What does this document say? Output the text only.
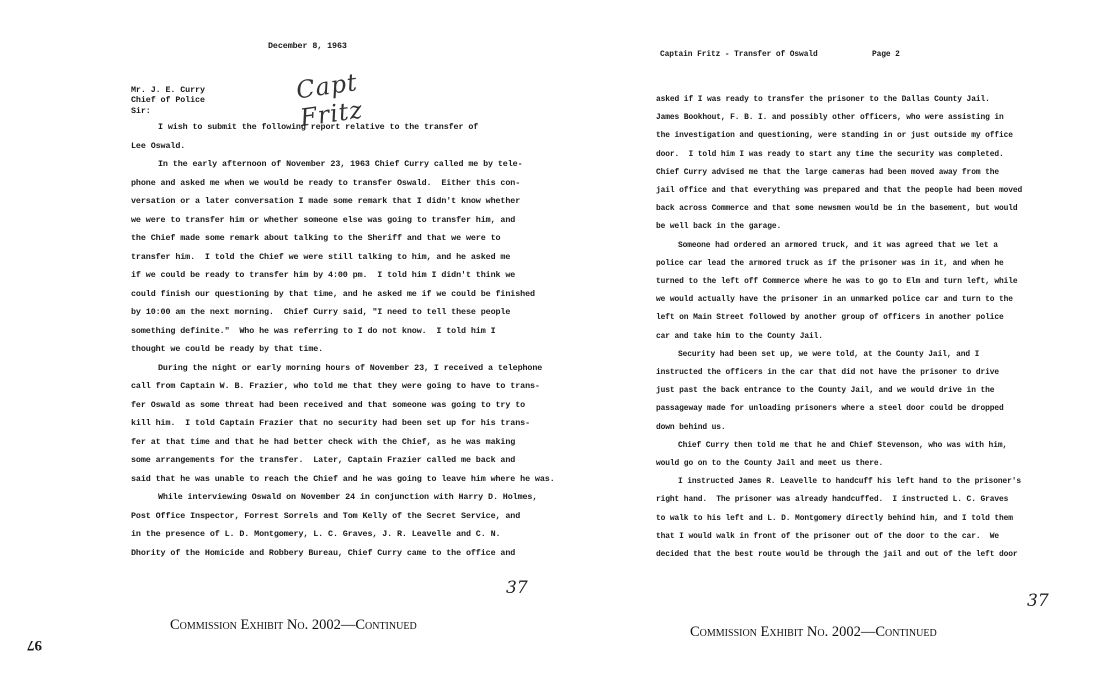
December 8, 1963
Mr. J. E. Curry
Chief of Police	Capt Fritz
Sir:
I wish to submit the following report relative to the transfer of
Lee Oswald.
In the early afternoon of November 23, 1963 Chief Curry called me by tele-
phone and asked me when we would be ready to transfer Oswald.  Either this con-
versation or a later conversation I made some remark that I didn't know whether
we were to transfer him or whether someone else was going to transfer him, and
the Chief made some remark about talking to the Sheriff and that we were to
transfer him.  I told the Chief we were still talking to him, and he asked me
if we could be ready to transfer him by 4:00 pm.  I told him I didn't think we
could finish our questioning by that time, and he asked me if we could be finished
by 10:00 am the next morning.  Chief Curry said, "I need to tell these people
something definite."  Who he was referring to I do not know.  I told him I
thought we could be ready by that time.
During the night or early morning hours of November 23, I received a telephone
call from Captain W. B. Frazier, who told me that they were going to have to trans-
fer Oswald as some threat had been received and that someone was going to try to
kill him.  I told Captain Frazier that no security had been set up for his trans-
fer at that time and that he had better check with the Chief, as he was making
some arrangements for the transfer.  Later, Captain Frazier called me back and
said that he was unable to reach the Chief and he was going to leave him where he was.
While interviewing Oswald on November 24 in conjunction with Harry D. Holmes,
Post Office Inspector, Forrest Sorrels and Tom Kelly of the Secret Service, and
in the presence of L. D. Montgomery, L. C. Graves, J. R. Leavelle and C. N.
Dhority of the Homicide and Robbery Bureau, Chief Curry came to the office and
37
Commission Exhibit No. 2002—Continued
97
Captain Fritz - Transfer of Oswald	Page 2
asked if I was ready to transfer the prisoner to the Dallas County Jail.
James Bookhout, F. B. I. and possibly other officers, who were assisting in
the investigation and questioning, were standing in or just outside my office
door.  I told him I was ready to start any time the security was completed.
Chief Curry advised me that the large cameras had been moved away from the
jail office and that everything was prepared and that the people had been moved
back across Commerce and that some newsmen would be in the basement, but would
be well back in the garage.
Someone had ordered an armored truck, and it was agreed that we let a
police car lead the armored truck as if the prisoner was in it, and when he
turned to the left off Commerce where he was to go to Elm and turn left, while
we would actually have the prisoner in an unmarked police car and turn to the
left on Main Street followed by another group of officers in another police
car and take him to the County Jail.
Security had been set up, we were told, at the County Jail, and I
instructed the officers in the car that did not have the prisoner to drive
just past the back entrance to the County Jail, and we would drive in the
passageway made for unloading prisoners where a steel door could be dropped
down behind us.
Chief Curry then told me that he and Chief Stevenson, who was with him,
would go on to the County Jail and meet us there.
I instructed James R. Leavelle to handcuff his left hand to the prisoner's
right hand.  The prisoner was already handcuffed.  I instructed L. C. Graves
to walk to his left and L. D. Montgomery directly behind him, and I told them
that I would walk in front of the prisoner out of the door to the car.  We
decided that the best route would be through the jail and out of the left door
37
Commission Exhibit No. 2002—Continued
